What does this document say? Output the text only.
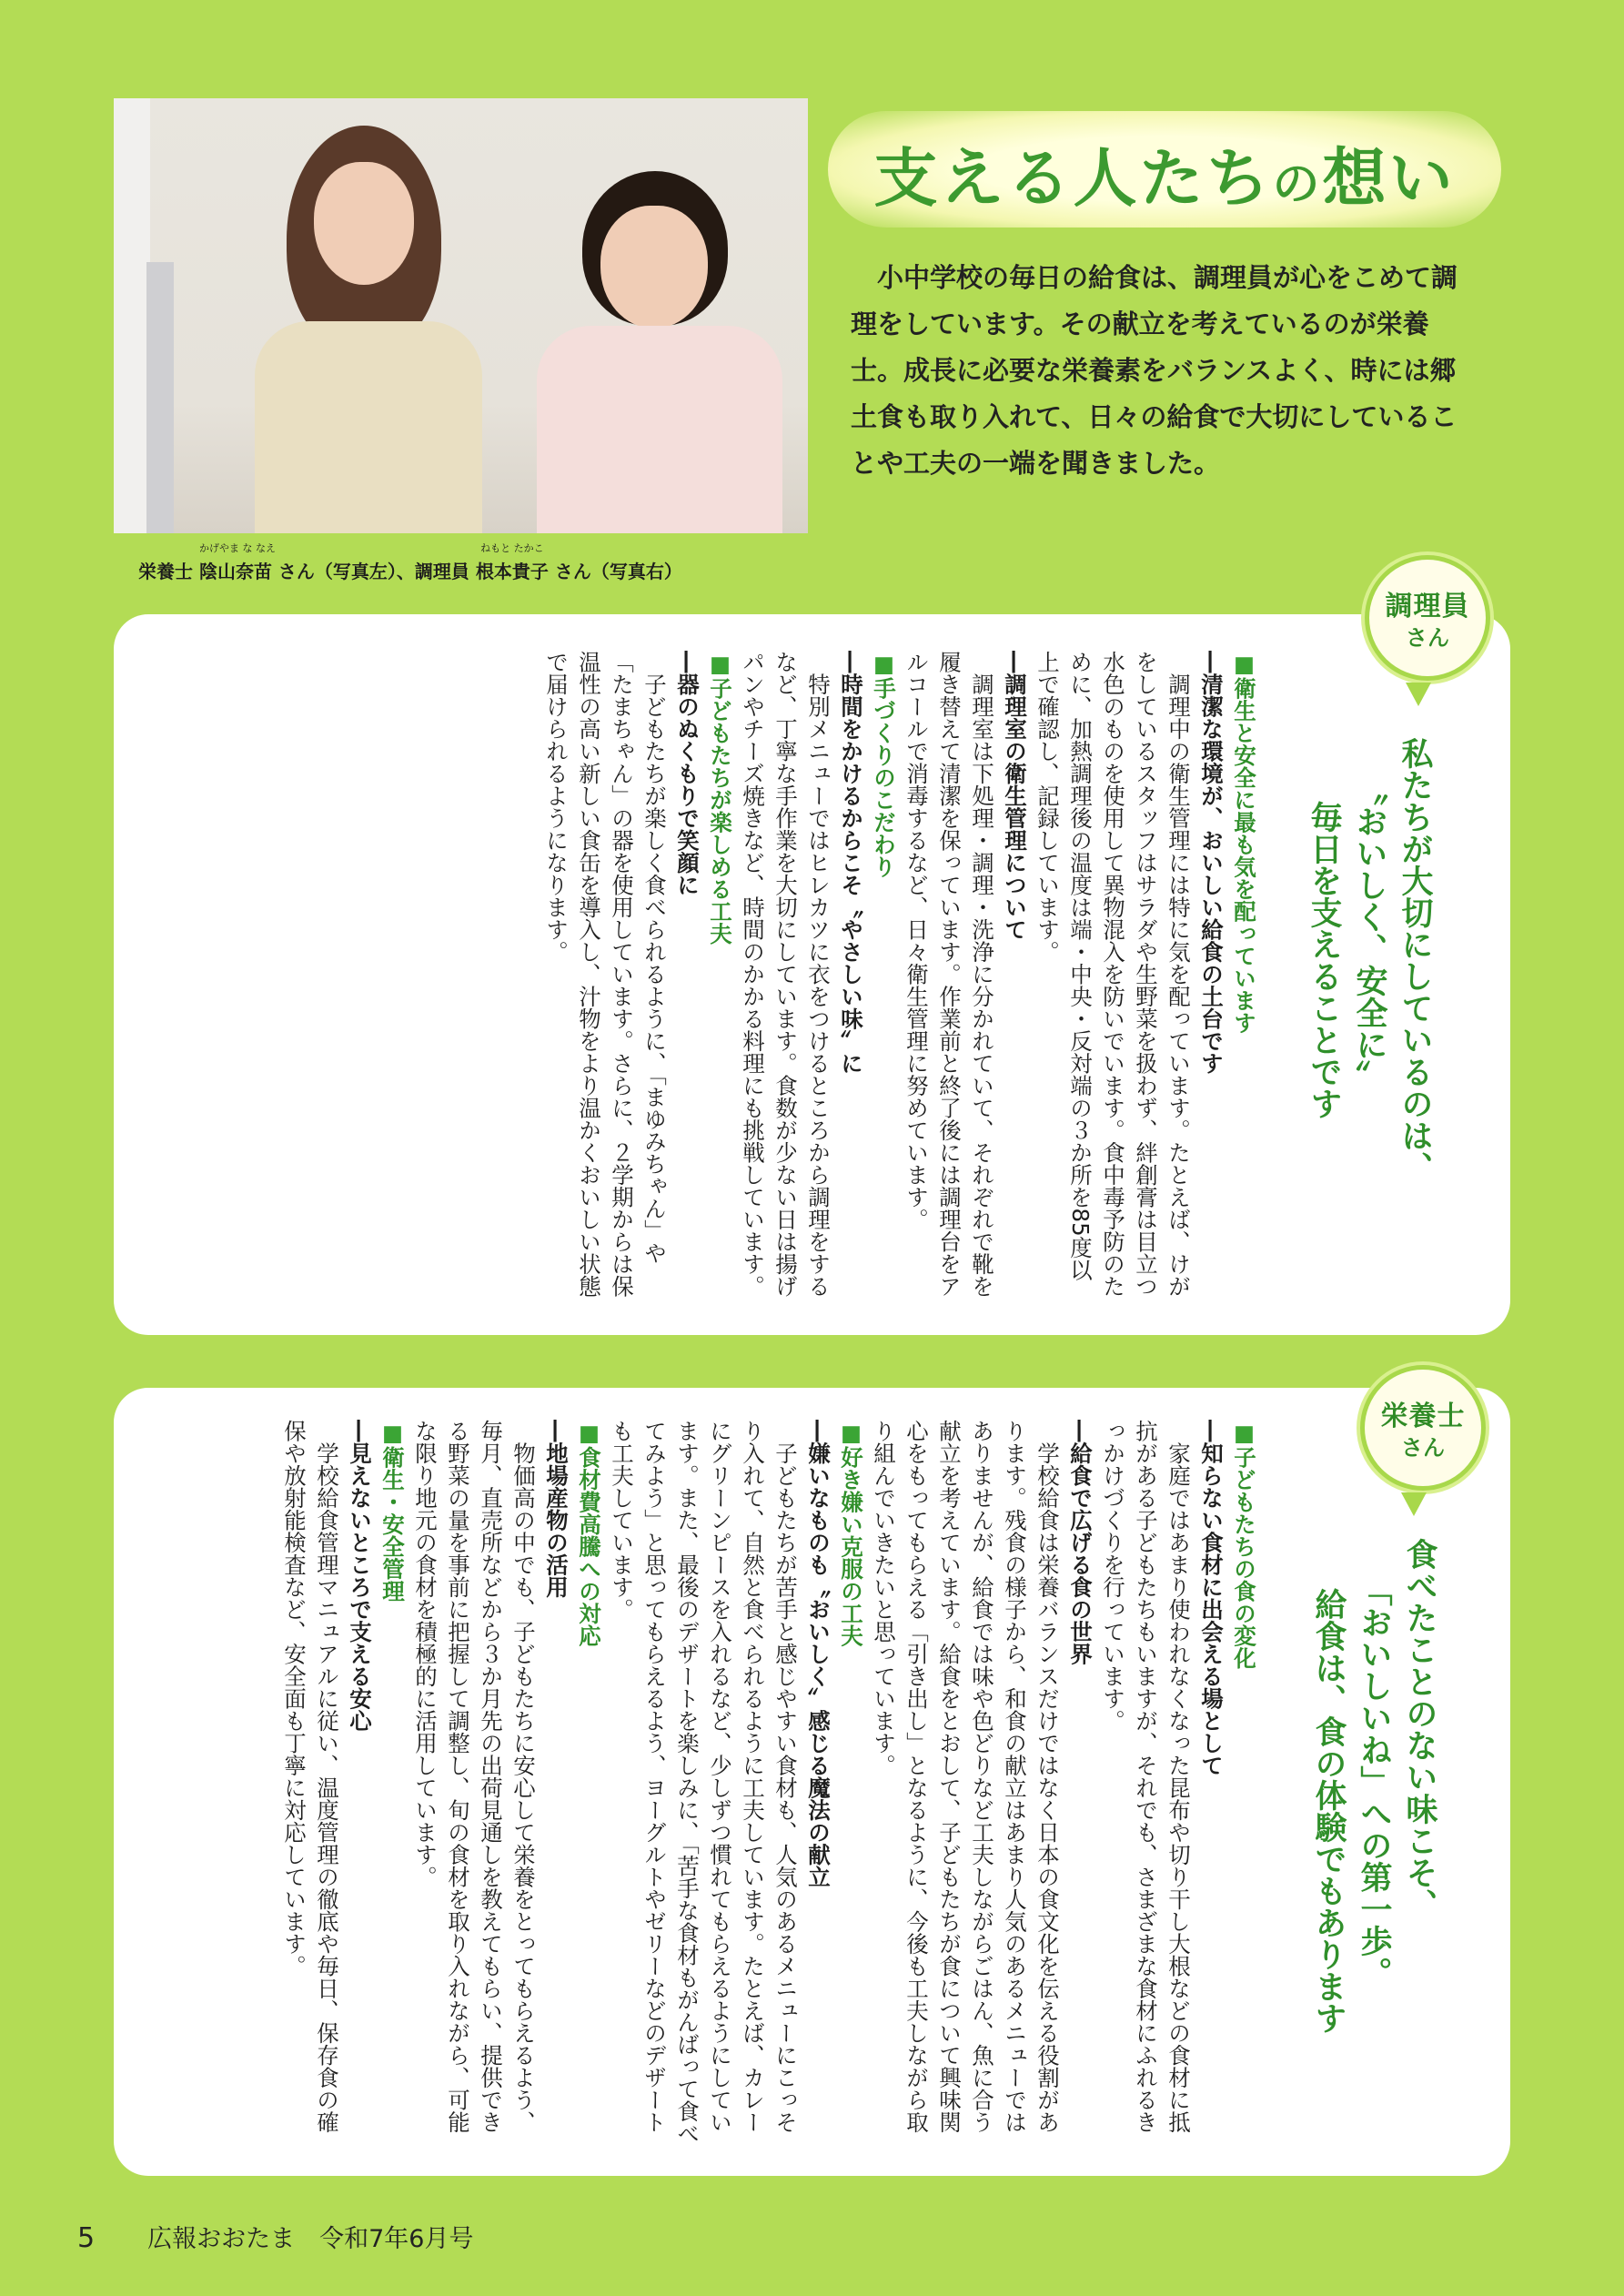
栄養士
かげやま な なえ
陰山奈苗 さん（写真左）、調理員
ねもと たかこ
根本貴子 さん（写真右）
支える人たちの想い
　小中学校の毎日の給食は、調理員が心をこめて調理をしています。その献立を考えているのが栄養士。成長に必要な栄養素をバランスよく、時には郷土食も取り入れて、日々の給食で大切にしていることや工夫の一端を聞きました。
調理員
さん
私たちが大切にしているのは、
〝おいしく、安全に〟
毎日を支えることです
■衛生と安全に最も気を配っています
―清潔な環境が、おいしい給食の土台です
　調理中の衛生管理には特に気を配っています。たとえば、けがをしているスタッフはサラダや生野菜を扱わず、絆創膏は目立つ水色のものを使用して異物混入を防いでいます。食中毒予防のために、加熱調理後の温度は端・中央・反対端の３か所を85度以上で確認し、記録しています。
―調理室の衛生管理について
　調理室は下処理・調理・洗浄に分かれていて、それぞれで靴を履き替えて清潔を保っています。作業前と終了後には調理台をアルコールで消毒するなど、日々衛生管理に努めています。
■手づくりのこだわり
―時間をかけるからこそ〝やさしい味〟に
　特別メニューではヒレカツに衣をつけるところから調理をするなど、丁寧な手作業を大切にしています。食数が少ない日は揚げパンやチーズ焼きなど、時間のかかる料理にも挑戦しています。
■子どもたちが楽しめる工夫
―器のぬくもりで笑顔に
　子どもたちが楽しく食べられるように、「まゆみちゃん」や「たまちゃん」の器を使用しています。さらに、２学期からは保温性の高い新しい食缶を導入し、汁物をより温かくおいしい状態で届けられるようになります。
栄養士
さん
食べたことのない味こそ、
「おいしいね」への第一歩。
給食は、食の体験でもあります
■子どもたちの食の変化
―知らない食材に出会える場として
　家庭ではあまり使われなくなった昆布や切り干し大根などの食材に抵抗がある子どもたちもいますが、それでも、さまざまな食材にふれるきっかけづくりを行っています。
―給食で広げる食の世界
　学校給食は栄養バランスだけではなく日本の食文化を伝える役割があります。残食の様子から、和食の献立はあまり人気のあるメニューではありませんが、給食では味や色どりなど工夫しながらごはん、魚に合う献立を考えています。給食をとおして、子どもたちが食について興味関心をもってもらえる「引き出し」となるように、今後も工夫しながら取り組んでいきたいと思っています。
■好き嫌い克服の工夫
―嫌いなものも〝おいしく〟感じる魔法の献立
　子どもたちが苦手と感じやすい食材も、人気のあるメニューにこっそり入れて、自然と食べられるように工夫しています。たとえば、カレーにグリーンピースを入れるなど、少しずつ慣れてもらえるようにしています。また、最後のデザートを楽しみに、「苦手な食材もがんばって食べてみよう」と思ってもらえるよう、ヨーグルトやゼリーなどのデザートも工夫しています。
■食材費高騰への対応
―地場産物の活用
　物価高の中でも、子どもたちに安心して栄養をとってもらえるよう、毎月、直売所などから３か月先の出荷見通しを教えてもらい、提供できる野菜の量を事前に把握して調整し、旬の食材を取り入れながら、可能な限り地元の食材を積極的に活用しています。
■衛生・安全管理
―見えないところで支える安心
　学校給食管理マニュアルに従い、温度管理の徹底や毎日、保存食の確保や放射能検査など、安全面も丁寧に対応しています。
5 広報おおたま　令和7年6月号
